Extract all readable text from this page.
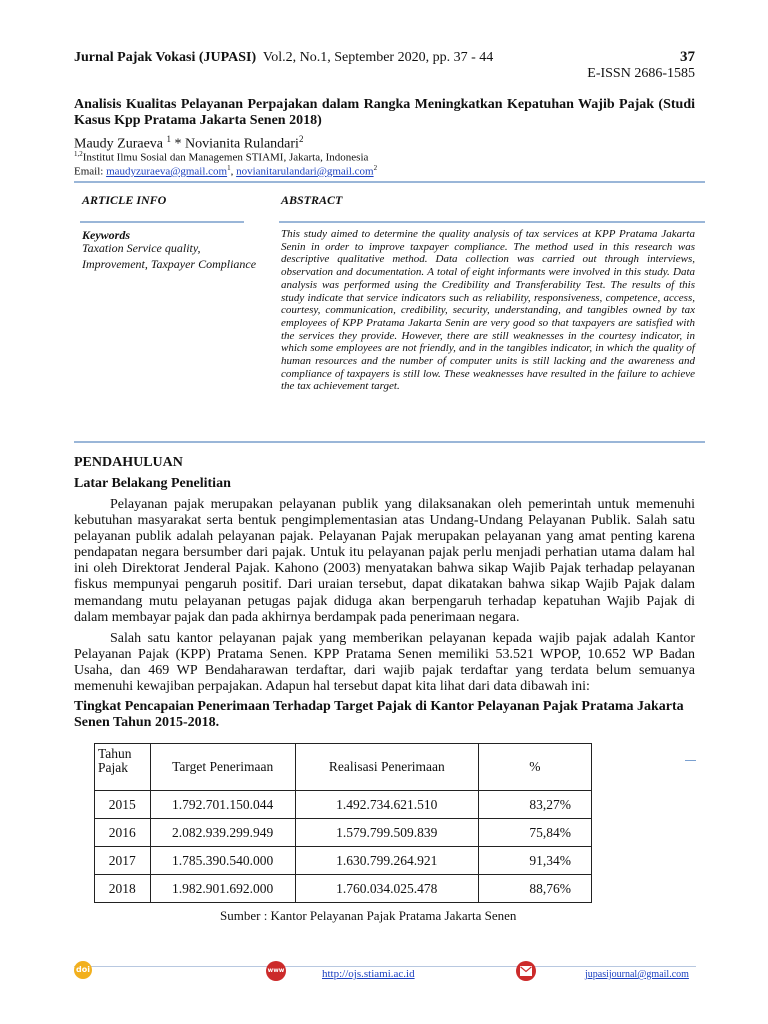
Jurnal Pajak Vokasi (JUPASI) Vol.2, No.1, September 2020, pp. 37 - 44	37
E-ISSN 2686-1585
Analisis Kualitas Pelayanan Perpajakan dalam Rangka Meningkatkan Kepatuhan Wajib Pajak (Studi Kasus Kpp Pratama Jakarta Senen 2018)
Maudy Zuraeva $^1$ * Novianita Rulandari$^2$
$^{1,2}$Institut Ilmu Sosial dan Managemen STIAMI, Jakarta, Indonesia
Email: maudyzuraeva@gmail.com$^1$, novianitarulandari@gmail.com$^2$
ARTICLE INFO	ABSTRACT
Keywords
Taxation Service quality, Improvement, Taxpayer Compliance
This study aimed to determine the quality analysis of tax services at KPP Pratama Jakarta Senin in order to improve taxpayer compliance. The method used in this research was descriptive qualitative method. Data collection was carried out through interviews, observation and documentation. A total of eight informants were involved in this study. Data analysis was performed using the Credibility and Transferability Test. The results of this study indicate that service indicators such as reliability, responsiveness, competence, access, courtesy, communication, credibility, security, understanding, and tangibles owned by tax employees of KPP Pratama Jakarta Senin are very good so that taxpayers are satisfied with the services they provide. However, there are still weaknesses in the courtesy indicator, in which some employees are not friendly, and in the tangibles indicator, in which the quality of human resources and the number of computer units is still lacking and the awareness and compliance of taxpayers is still low. These weaknesses have resulted in the failure to achieve the tax achievement target.
PENDAHULUAN
Latar Belakang Penelitian
Pelayanan pajak merupakan pelayanan publik yang dilaksanakan oleh pemerintah untuk memenuhi kebutuhan masyarakat serta bentuk pengimplementasian atas Undang-Undang Pelayanan Publik. Salah satu pelayanan publik adalah pelayanan pajak. Pelayanan Pajak merupakan pelayanan yang amat penting karena pendapatan negara bersumber dari pajak. Untuk itu pelayanan pajak perlu menjadi perhatian utama dalam hal ini oleh Direktorat Jenderal Pajak. Kahono (2003) menyatakan bahwa sikap Wajib Pajak terhadap pelayanan fiskus mempunyai pengaruh positif. Dari uraian tersebut, dapat dikatakan bahwa sikap Wajib Pajak dalam memandang mutu pelayanan petugas pajak diduga akan berpengaruh terhadap kepatuhan Wajib Pajak di dalam membayar pajak dan pada akhirnya berdampak pada penerimaan negara.
Salah satu kantor pelayanan pajak yang memberikan pelayanan kepada wajib pajak adalah Kantor Pelayanan Pajak (KPP) Pratama Senen. KPP Pratama Senen memiliki 53.521 WPOP, 10.652 WP Badan Usaha, dan 469 WP Bendaharawan terdaftar, dari wajib pajak terdaftar yang terdata belum semuanya memenuhi kewajiban perpajakan. Adapun hal tersebut dapat kita lihat dari data dibawah ini:
Tingkat Pencapaian Penerimaan Terhadap Target Pajak di Kantor Pelayanan Pajak Pratama Jakarta Senen Tahun 2015-2018.
Tahun Pajak	Target Penerimaan	Realisasi Penerimaan	%
2015	1.792.701.150.044	1.492.734.621.510	83,27%
2016	2.082.939.299.949	1.579.799.509.839	75,84%
2017	1.785.390.540.000	1.630.799.264.921	91,34%
2018	1.982.901.692.000	1.760.034.025.478	88,76%
Sumber : Kantor Pelayanan Pajak Pratama Jakarta Senen
doi	www	http://ojs.stiami.ac.id	jupasijournal@gmail.com
